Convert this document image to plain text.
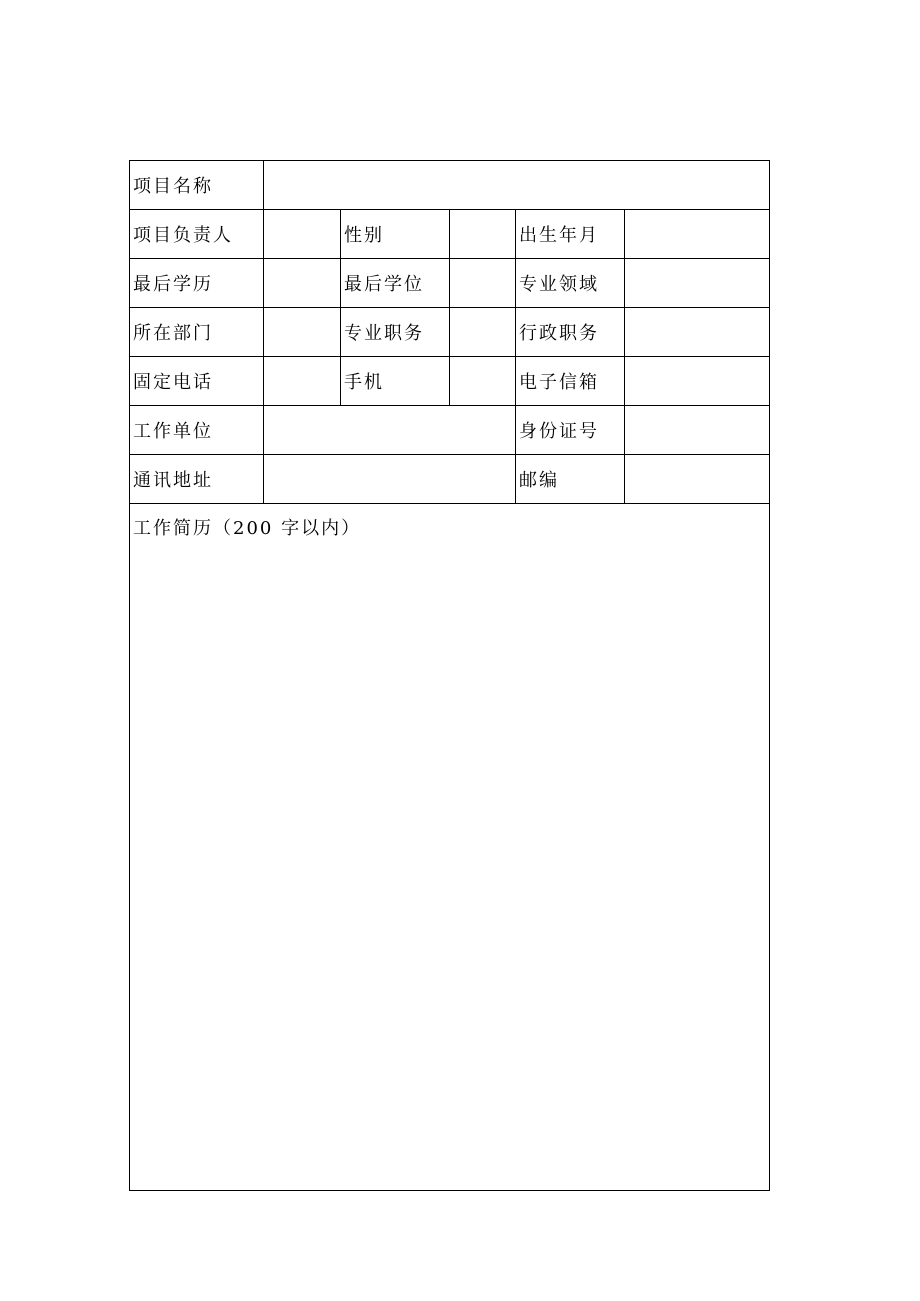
项目名称					
项目负责人		性别		出生年月	
最后学历		最后学位		专业领域	
所在部门		专业职务		行政职务	
固定电话		手机		电子信箱	
工作单位				身份证号	
通讯地址				邮编	
工作简历（200 字以内）					
